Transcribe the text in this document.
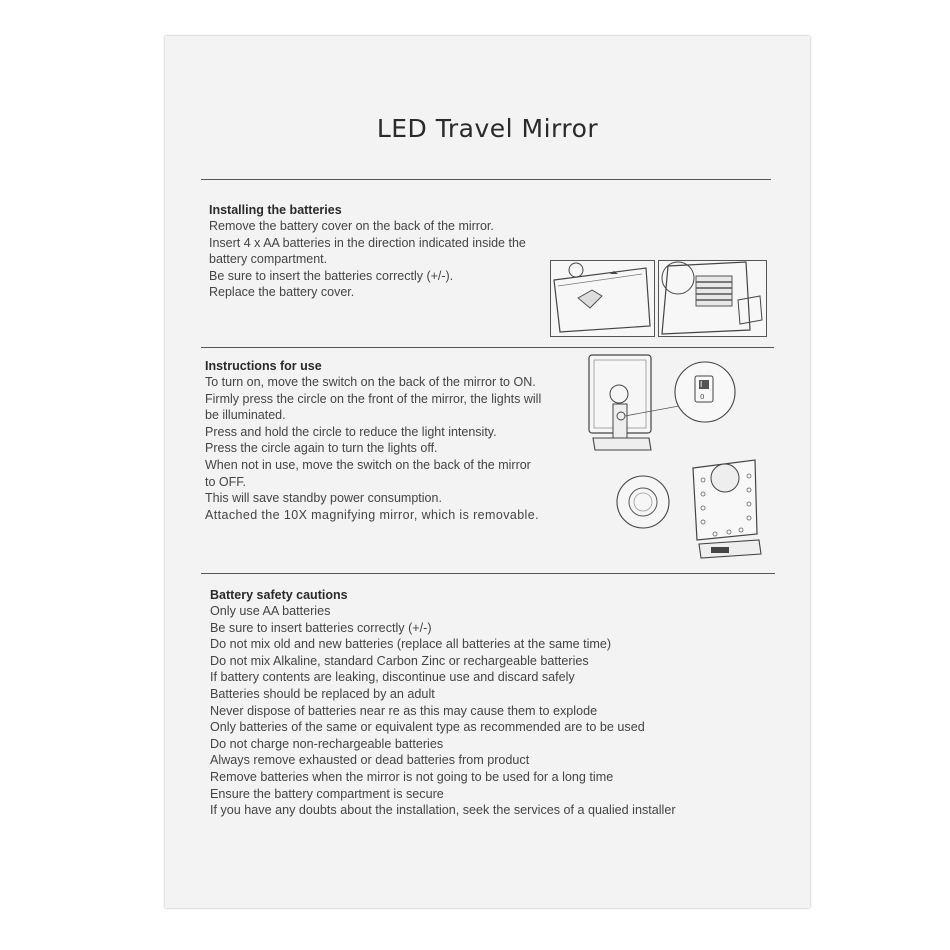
LED Travel Mirror
Installing the batteries
Remove the battery cover on the back of the mirror.
Insert 4 x AA batteries in the direction indicated inside the
battery compartment.
Be sure to insert the batteries correctly (+/-).
Replace the battery cover.
Instructions for use
To turn on, move the switch on the back of the mirror to ON.
Firmly press the circle on the front of the mirror, the lights will
be illuminated.
Press and hold the circle to reduce the light intensity.
Press the circle again to turn the lights off.
When not in use, move the switch on the back of the mirror
to OFF.
This will save standby power consumption.
Attached the 10X magnifying mirror, which is removable.
I
0
Battery safety cautions
Only use AA batteries
Be sure to insert batteries correctly (+/-)
Do not mix old and new batteries (replace all batteries at the same time)
Do not mix Alkaline, standard Carbon Zinc or rechargeable batteries
If battery contents are leaking, discontinue use and discard safely
Batteries should be replaced by an adult
Never dispose of batteries near re as this may cause them to explode
Only batteries of the same or equivalent type as recommended are to be used
Do not charge non-rechargeable batteries
Always remove exhausted or dead batteries from product
Remove batteries when the mirror is not going to be used for a long time
Ensure the battery compartment is secure
If you have any doubts about the installation, seek the services of a qualied installer
